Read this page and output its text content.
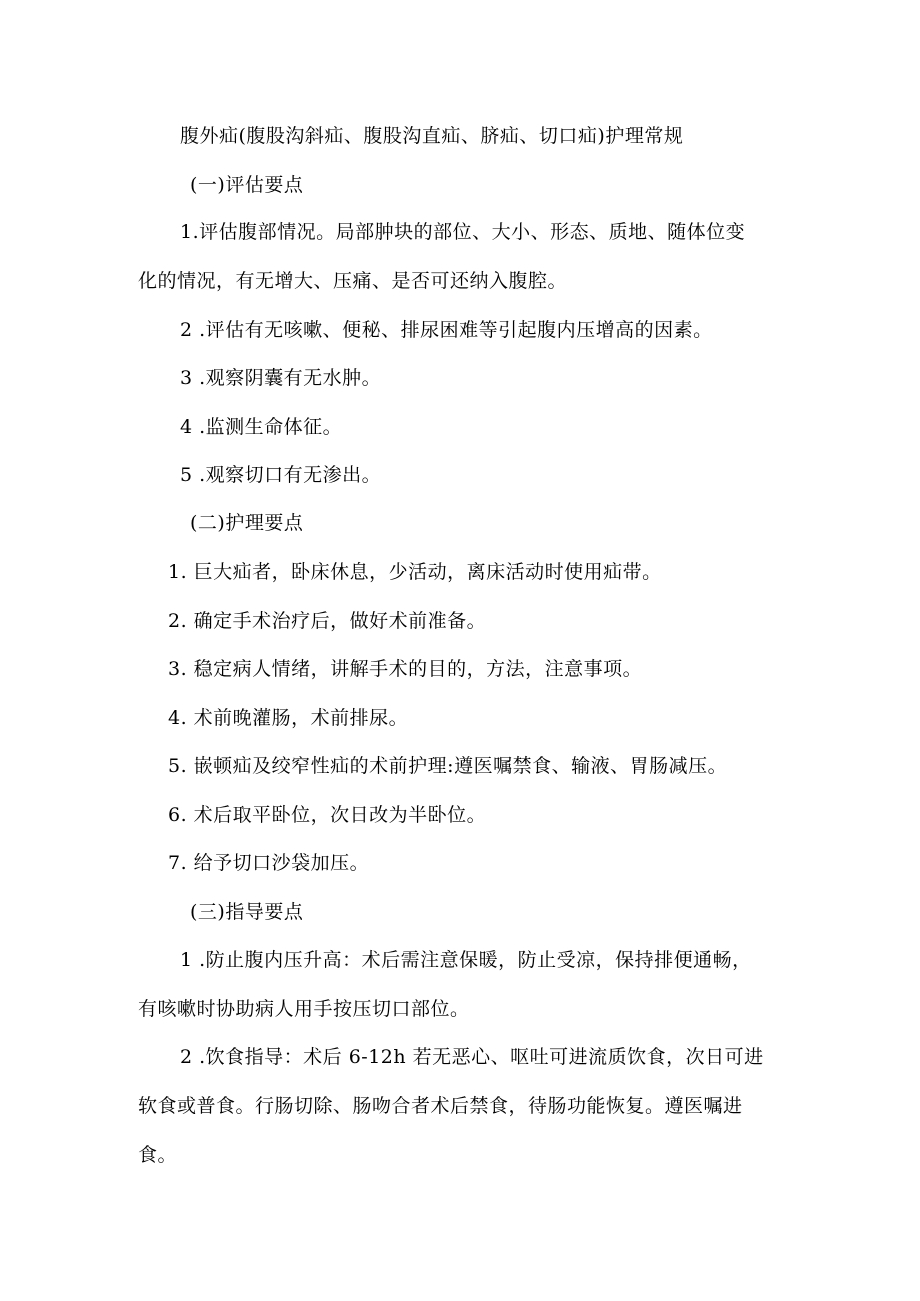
腹外疝(腹股沟斜疝、腹股沟直疝、脐疝、切口疝)护理常规
(一)评估要点
1.评估腹部情况。局部肿块的部位、大小、形态、质地、随体位变
化的情况，有无增大、压痛、是否可还纳入腹腔。
2 .评估有无咳嗽、便秘、排尿困难等引起腹内压增高的因素。
3 .观察阴囊有无水肿。
4 .监测生命体征。
5 .观察切口有无渗出。
(二)护理要点
1. 巨大疝者，卧床休息，少活动，离床活动时使用疝带。
2. 确定手术治疗后，做好术前准备。
3. 稳定病人情绪，讲解手术的目的，方法，注意事项。
4. 术前晚灌肠，术前排尿。
5. 嵌顿疝及绞窄性疝的术前护理:遵医嘱禁食、输液、胃肠减压。
6. 术后取平卧位，次日改为半卧位。
7. 给予切口沙袋加压。
(三)指导要点
1 .防止腹内压升高：术后需注意保暖，防止受凉，保持排便通畅，
有咳嗽时协助病人用手按压切口部位。
2 .饮食指导：术后 6-12h 若无恶心、呕吐可进流质饮食，次日可进
软食或普食。行肠切除、肠吻合者术后禁食，待肠功能恢复。遵医嘱进
食。
